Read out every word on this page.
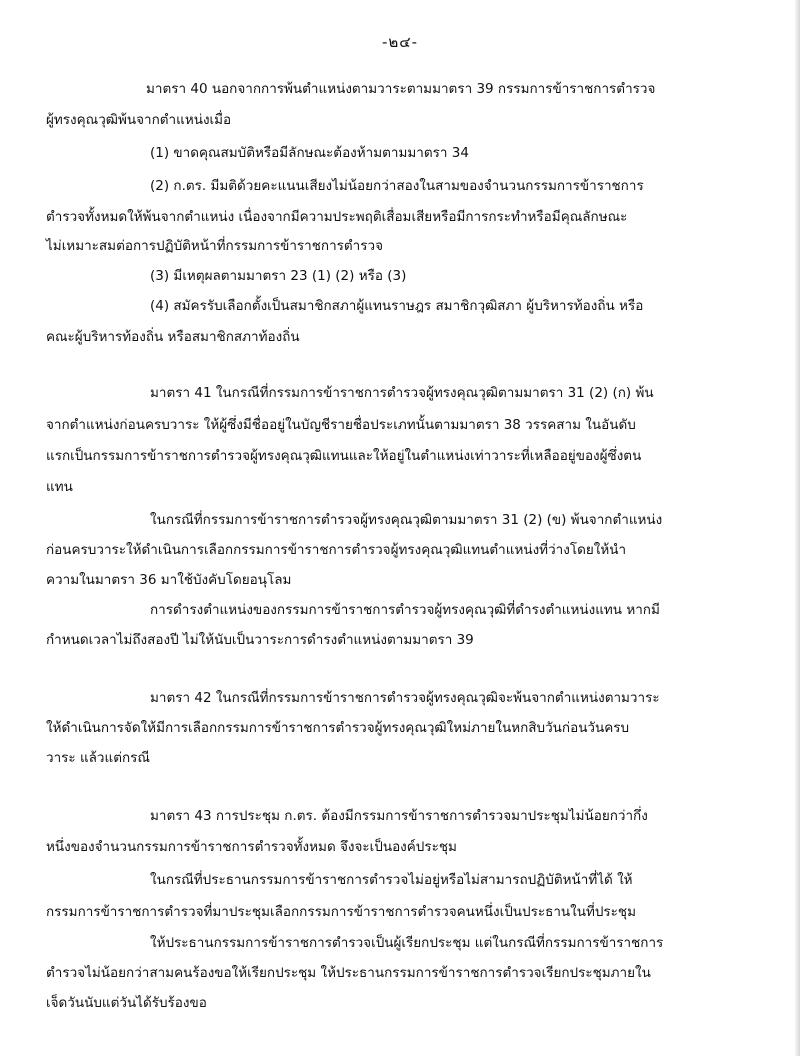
-๒๔-
มาตรา 40 นอกจากการพ้นตำแหน่งตามวาระตามมาตรา 39 กรรมการข้าราชการตำรวจ
ผู้ทรงคุณวุฒิพ้นจากตำแหน่งเมื่อ
(1) ขาดคุณสมบัติหรือมีลักษณะต้องห้ามตามมาตรา 34
(2) ก.ตร. มีมติด้วยคะแนนเสียงไม่น้อยกว่าสองในสามของจำนวนกรรมการข้าราชการ
ตำรวจทั้งหมดให้พ้นจากตำแหน่ง เนื่องจากมีความประพฤติเสื่อมเสียหรือมีการกระทำหรือมีคุณลักษณะ
ไม่เหมาะสมต่อการปฏิบัติหน้าที่กรรมการข้าราชการตำรวจ
(3) มีเหตุผลตามมาตรา 23 (1) (2) หรือ (3)
(4) สมัครรับเลือกตั้งเป็นสมาชิกสภาผู้แทนราษฎร สมาชิกวุฒิสภา ผู้บริหารท้องถิ่น หรือ
คณะผู้บริหารท้องถิ่น หรือสมาชิกสภาท้องถิ่น
มาตรา 41 ในกรณีที่กรรมการข้าราชการตำรวจผู้ทรงคุณวุฒิตามมาตรา 31 (2) (ก) พ้น
จากตำแหน่งก่อนครบวาระ ให้ผู้ซึ่งมีชื่ออยู่ในบัญชีรายชื่อประเภทนั้นตามมาตรา 38 วรรคสาม ในอันดับ
แรกเป็นกรรมการข้าราชการตำรวจผู้ทรงคุณวุฒิแทนและให้อยู่ในตำแหน่งเท่าวาระที่เหลืออยู่ของผู้ซึ่งตน
แทน
ในกรณีที่กรรมการข้าราชการตำรวจผู้ทรงคุณวุฒิตามมาตรา 31 (2) (ข) พ้นจากตำแหน่ง
ก่อนครบวาระให้ดำเนินการเลือกกรรมการข้าราชการตำรวจผู้ทรงคุณวุฒิแทนตำแหน่งที่ว่างโดยให้นำ
ความในมาตรา 36 มาใช้บังคับโดยอนุโลม
การดำรงตำแหน่งของกรรมการข้าราชการตำรวจผู้ทรงคุณวุฒิที่ดำรงตำแหน่งแทน หากมี
กำหนดเวลาไม่ถึงสองปี ไม่ให้นับเป็นวาระการดำรงตำแหน่งตามมาตรา 39
มาตรา 42 ในกรณีที่กรรมการข้าราชการตำรวจผู้ทรงคุณวุฒิจะพ้นจากตำแหน่งตามวาระ
ให้ดำเนินการจัดให้มีการเลือกกรรมการข้าราชการตำรวจผู้ทรงคุณวุฒิใหม่ภายในหกสิบวันก่อนวันครบ
วาระ แล้วแต่กรณี
มาตรา 43 การประชุม ก.ตร. ต้องมีกรรมการข้าราชการตำรวจมาประชุมไม่น้อยกว่ากึ่ง
หนึ่งของจำนวนกรรมการข้าราชการตำรวจทั้งหมด จึงจะเป็นองค์ประชุม
ในกรณีที่ประธานกรรมการข้าราชการตำรวจไม่อยู่หรือไม่สามารถปฏิบัติหน้าที่ได้ ให้
กรรมการข้าราชการตำรวจที่มาประชุมเลือกกรรมการข้าราชการตำรวจคนหนึ่งเป็นประธานในที่ประชุม
ให้ประธานกรรมการข้าราชการตำรวจเป็นผู้เรียกประชุม แต่ในกรณีที่กรรมการข้าราชการ
ตำรวจไม่น้อยกว่าสามคนร้องขอให้เรียกประชุม ให้ประธานกรรมการข้าราชการตำรวจเรียกประชุมภายใน
เจ็ดวันนับแต่วันได้รับร้องขอ
